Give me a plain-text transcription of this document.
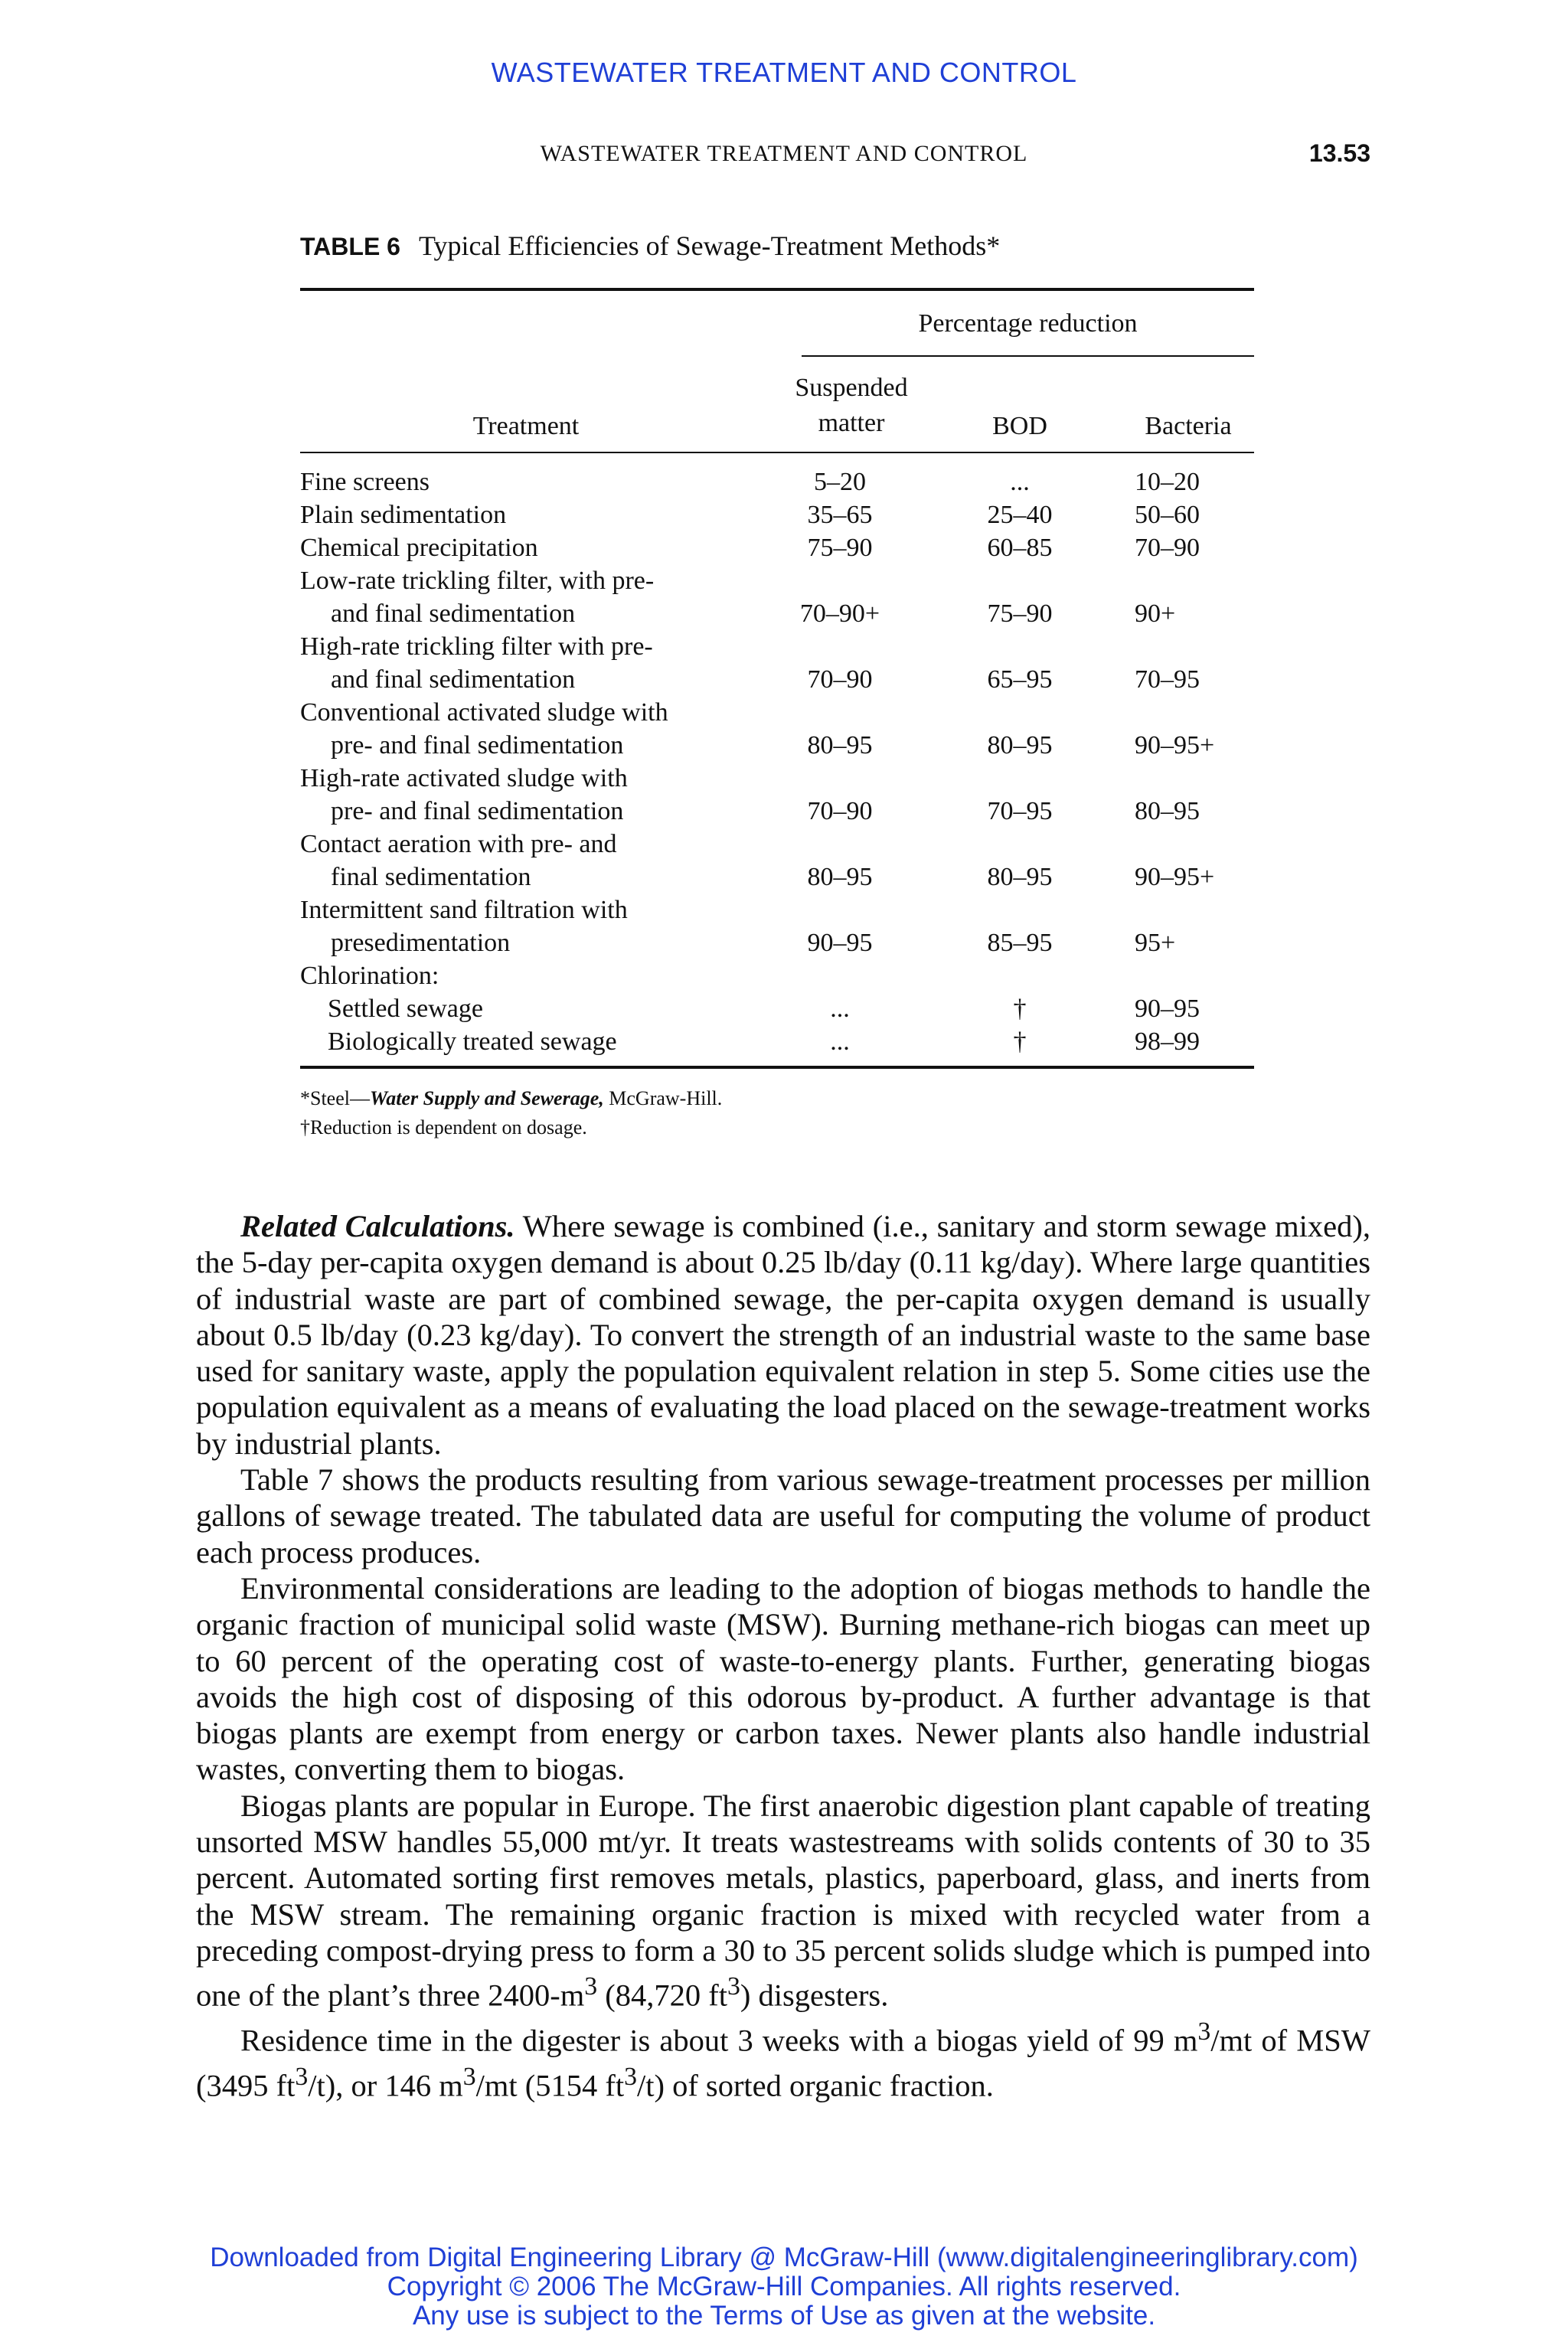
WASTEWATER TREATMENT AND CONTROL
WASTEWATER TREATMENT AND CONTROL	13.53
TABLE 6 Typical Efficiencies of Sewage-Treatment Methods*
Percentage reduction
Treatment
Suspended
matter	BOD	Bacteria
Fine screens	5–20	...	10–20
Plain sedimentation	35–65	25–40	50–60
Chemical precipitation	75–90	60–85	70–90
Low-rate trickling filter, with pre-
and final sedimentation	70–90+	75–90	90+
High-rate trickling filter with pre-
and final sedimentation	70–90	65–95	70–95
Conventional activated sludge with
pre- and final sedimentation	80–95	80–95	90–95+
High-rate activated sludge with
pre- and final sedimentation	70–90	70–95	80–95
Contact aeration with pre- and
final sedimentation	80–95	80–95	90–95+
Intermittent sand filtration with
presedimentation	90–95	85–95	95+
Chlorination:
Settled sewage	...	†	90–95
Biologically treated sewage	...	†	98–99
*Steel—Water Supply and Sewerage, McGraw-Hill.
†Reduction is dependent on dosage.

Related Calculations. Where sewage is combined (i.e., sanitary and storm sewage mixed), the 5-day per-capita oxygen demand is about 0.25 lb/day (0.11 kg/day). Where large quantities of industrial waste are part of combined sewage, the per-capita oxygen demand is usually about 0.5 lb/day (0.23 kg/day). To convert the strength of an industrial waste to the same base used for sanitary waste, apply the population equivalent relation in step 5. Some cities use the population equivalent as a means of evaluating the load placed on the sewage-treatment works by industrial plants.

Table 7 shows the products resulting from various sewage-treatment processes per million gallons of sewage treated. The tabulated data are useful for computing the volume of product each process produces.

Environmental considerations are leading to the adoption of biogas methods to handle the organic fraction of municipal solid waste (MSW). Burning methane-rich biogas can meet up to 60 percent of the operating cost of waste-to-energy plants. Further, generating biogas avoids the high cost of disposing of this odorous by-product. A further advantage is that biogas plants are exempt from energy or carbon taxes. Newer plants also handle industrial wastes, converting them to biogas.

Biogas plants are popular in Europe. The first anaerobic digestion plant capable of treating unsorted MSW handles 55,000 mt/yr. It treats wastestreams with solids contents of 30 to 35 percent. Automated sorting first removes metals, plastics, paperboard, glass, and inerts from the MSW stream. The remaining organic fraction is mixed with recycled water from a preceding compost-drying press to form a 30 to 35 percent solids sludge which is pumped into one of the plant’s three $2400-m^3$ (84,720 $ft^3$) disgesters.

Residence time in the digester is about 3 weeks with a biogas yield of 99 $m^3/mt$ of MSW (3495 $ft^3/t$), or 146 $m^3/mt$ (5154 $ft^3/t$) of sorted organic fraction.

Downloaded from Digital Engineering Library @ McGraw-Hill (www.digitalengineeringlibrary.com)
Copyright © 2006 The McGraw-Hill Companies. All rights reserved.
Any use is subject to the Terms of Use as given at the website.
